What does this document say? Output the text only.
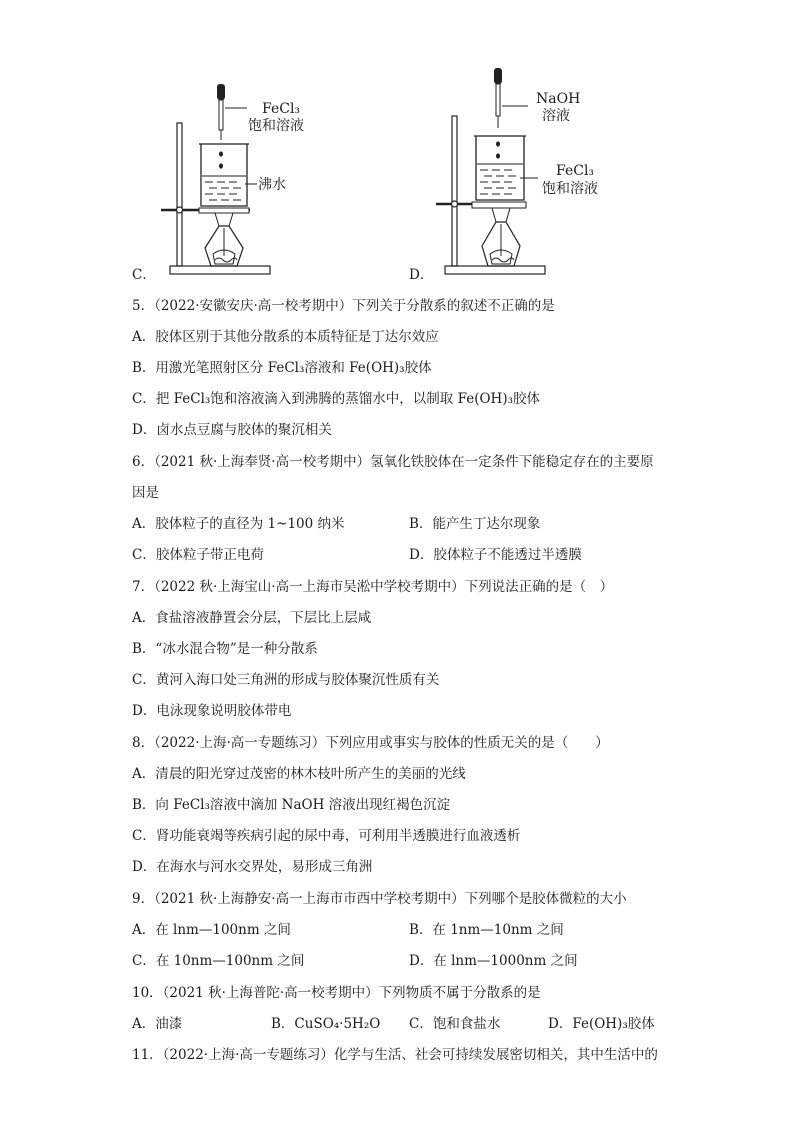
FeCl₃
饱和溶液
沸水
C．
NaOH
溶液
FeCl₃
饱和溶液
D．
5．（2022·安徽安庆·高一校考期中）下列关于分散系的叙述不正确的是
A．胶体区别于其他分散系的本质特征是丁达尔效应
B．用激光笔照射区分 FeCl₃溶液和 Fe(OH)₃胶体
C．把 FeCl₃饱和溶液滴入到沸腾的蒸馏水中，以制取 Fe(OH)₃胶体
D．卤水点豆腐与胶体的聚沉相关
6．（2021 秋·上海奉贤·高一校考期中）氢氧化铁胶体在一定条件下能稳定存在的主要原
因是
A．胶体粒子的直径为 1~100 纳米	B．能产生丁达尔现象
C．胶体粒子带正电荷	D．胶体粒子不能透过半透膜
7．（2022 秋·上海宝山·高一上海市吴淞中学校考期中）下列说法正确的是（　）
A．食盐溶液静置会分层，下层比上层咸
B．“冰水混合物”是一种分散系
C．黄河入海口处三角洲的形成与胶体聚沉性质有关
D．电泳现象说明胶体带电
8．（2022·上海·高一专题练习）下列应用或事实与胶体的性质无关的是（　　）
A．清晨的阳光穿过茂密的林木枝叶所产生的美丽的光线
B．向 FeCl₃溶液中滴加 NaOH 溶液出现红褐色沉淀
C．肾功能衰竭等疾病引起的尿中毒，可利用半透膜进行血液透析
D．在海水与河水交界处，易形成三角洲
9．（2021 秋·上海静安·高一上海市市西中学校考期中）下列哪个是胶体微粒的大小
A．在 lnm—100nm 之间	B．在 1nm—10nm 之间
C．在 10nm—100nm 之间	D．在 lnm—1000nm 之间
10．（2021 秋·上海普陀·高一校考期中）下列物质不属于分散系的是
A．油漆	B．CuSO₄·5H₂O C．饱和食盐水	D．Fe(OH)₃胶体
11．（2022·上海·高一专题练习）化学与生活、社会可持续发展密切相关，其中生活中的
